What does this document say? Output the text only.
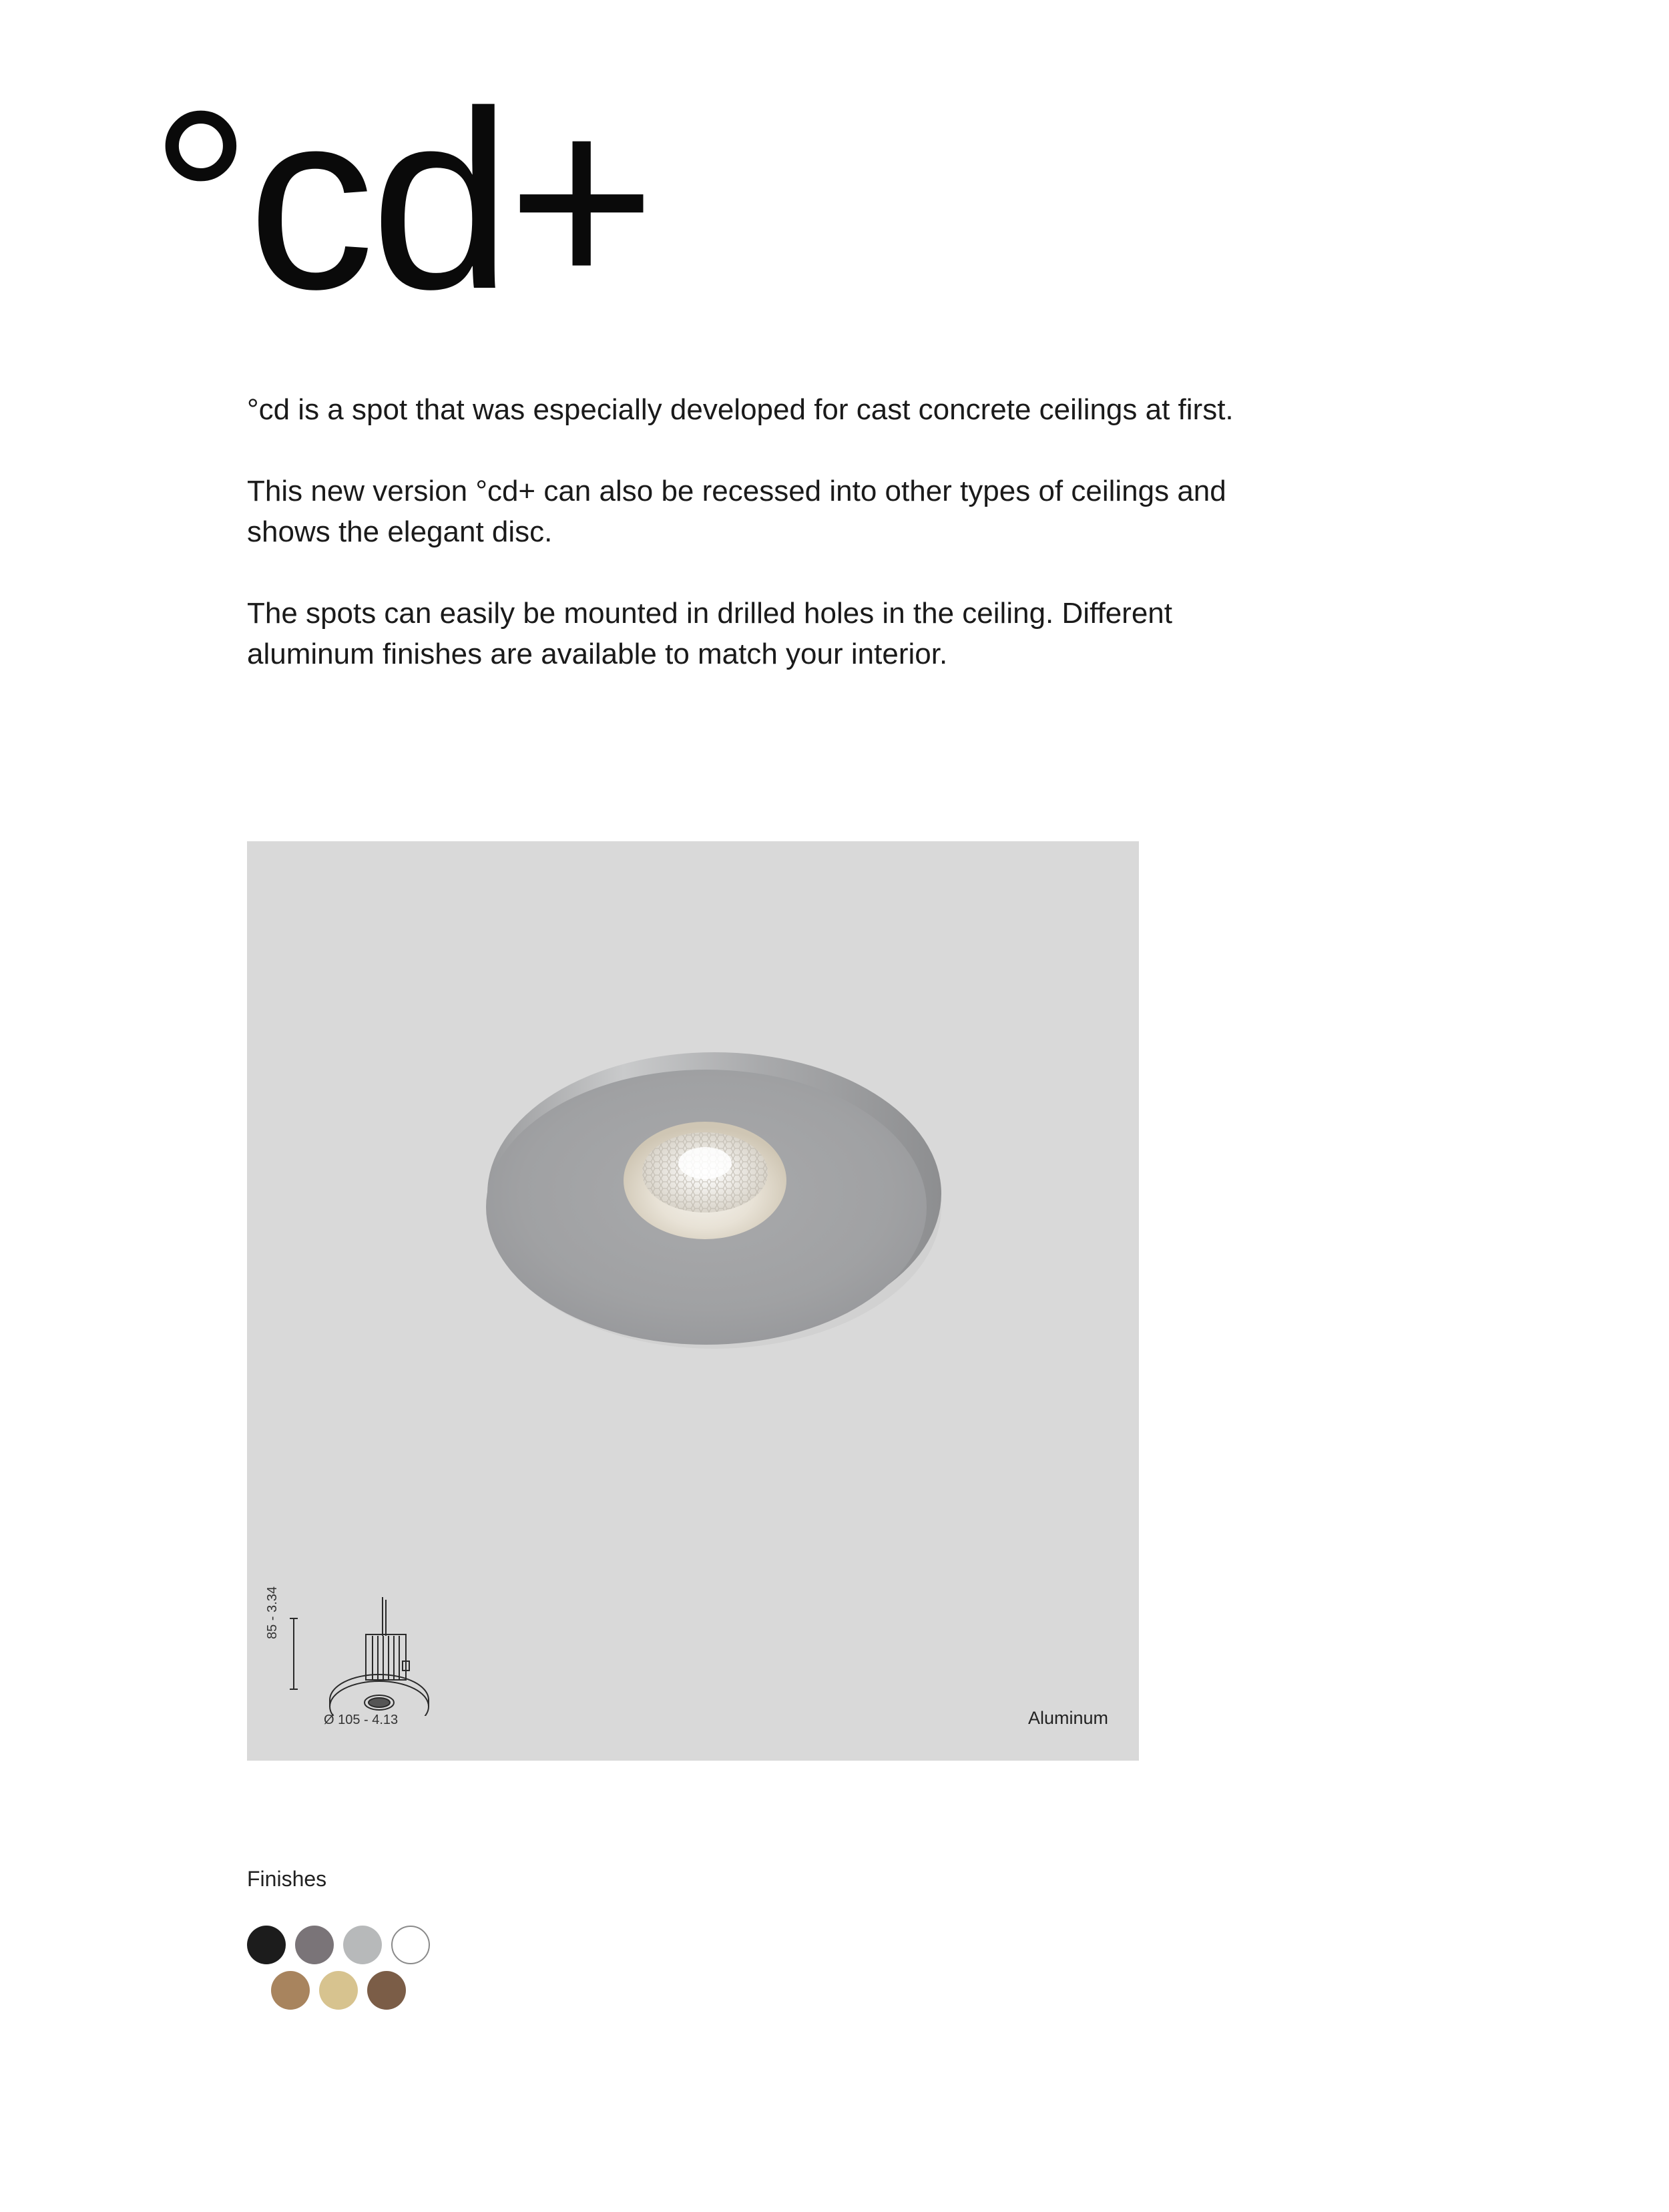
°cd+

°cd is a spot that was especially developed for cast concrete ceilings at first.

This new version °cd+ can also be recessed into other types of ceilings and shows the elegant disc.

The spots can easily be mounted in drilled holes in the ceiling. Different aluminum finishes are available to match your interior.

85 - 3.34
Ø 105 - 4.13	Aluminum
Finishes
